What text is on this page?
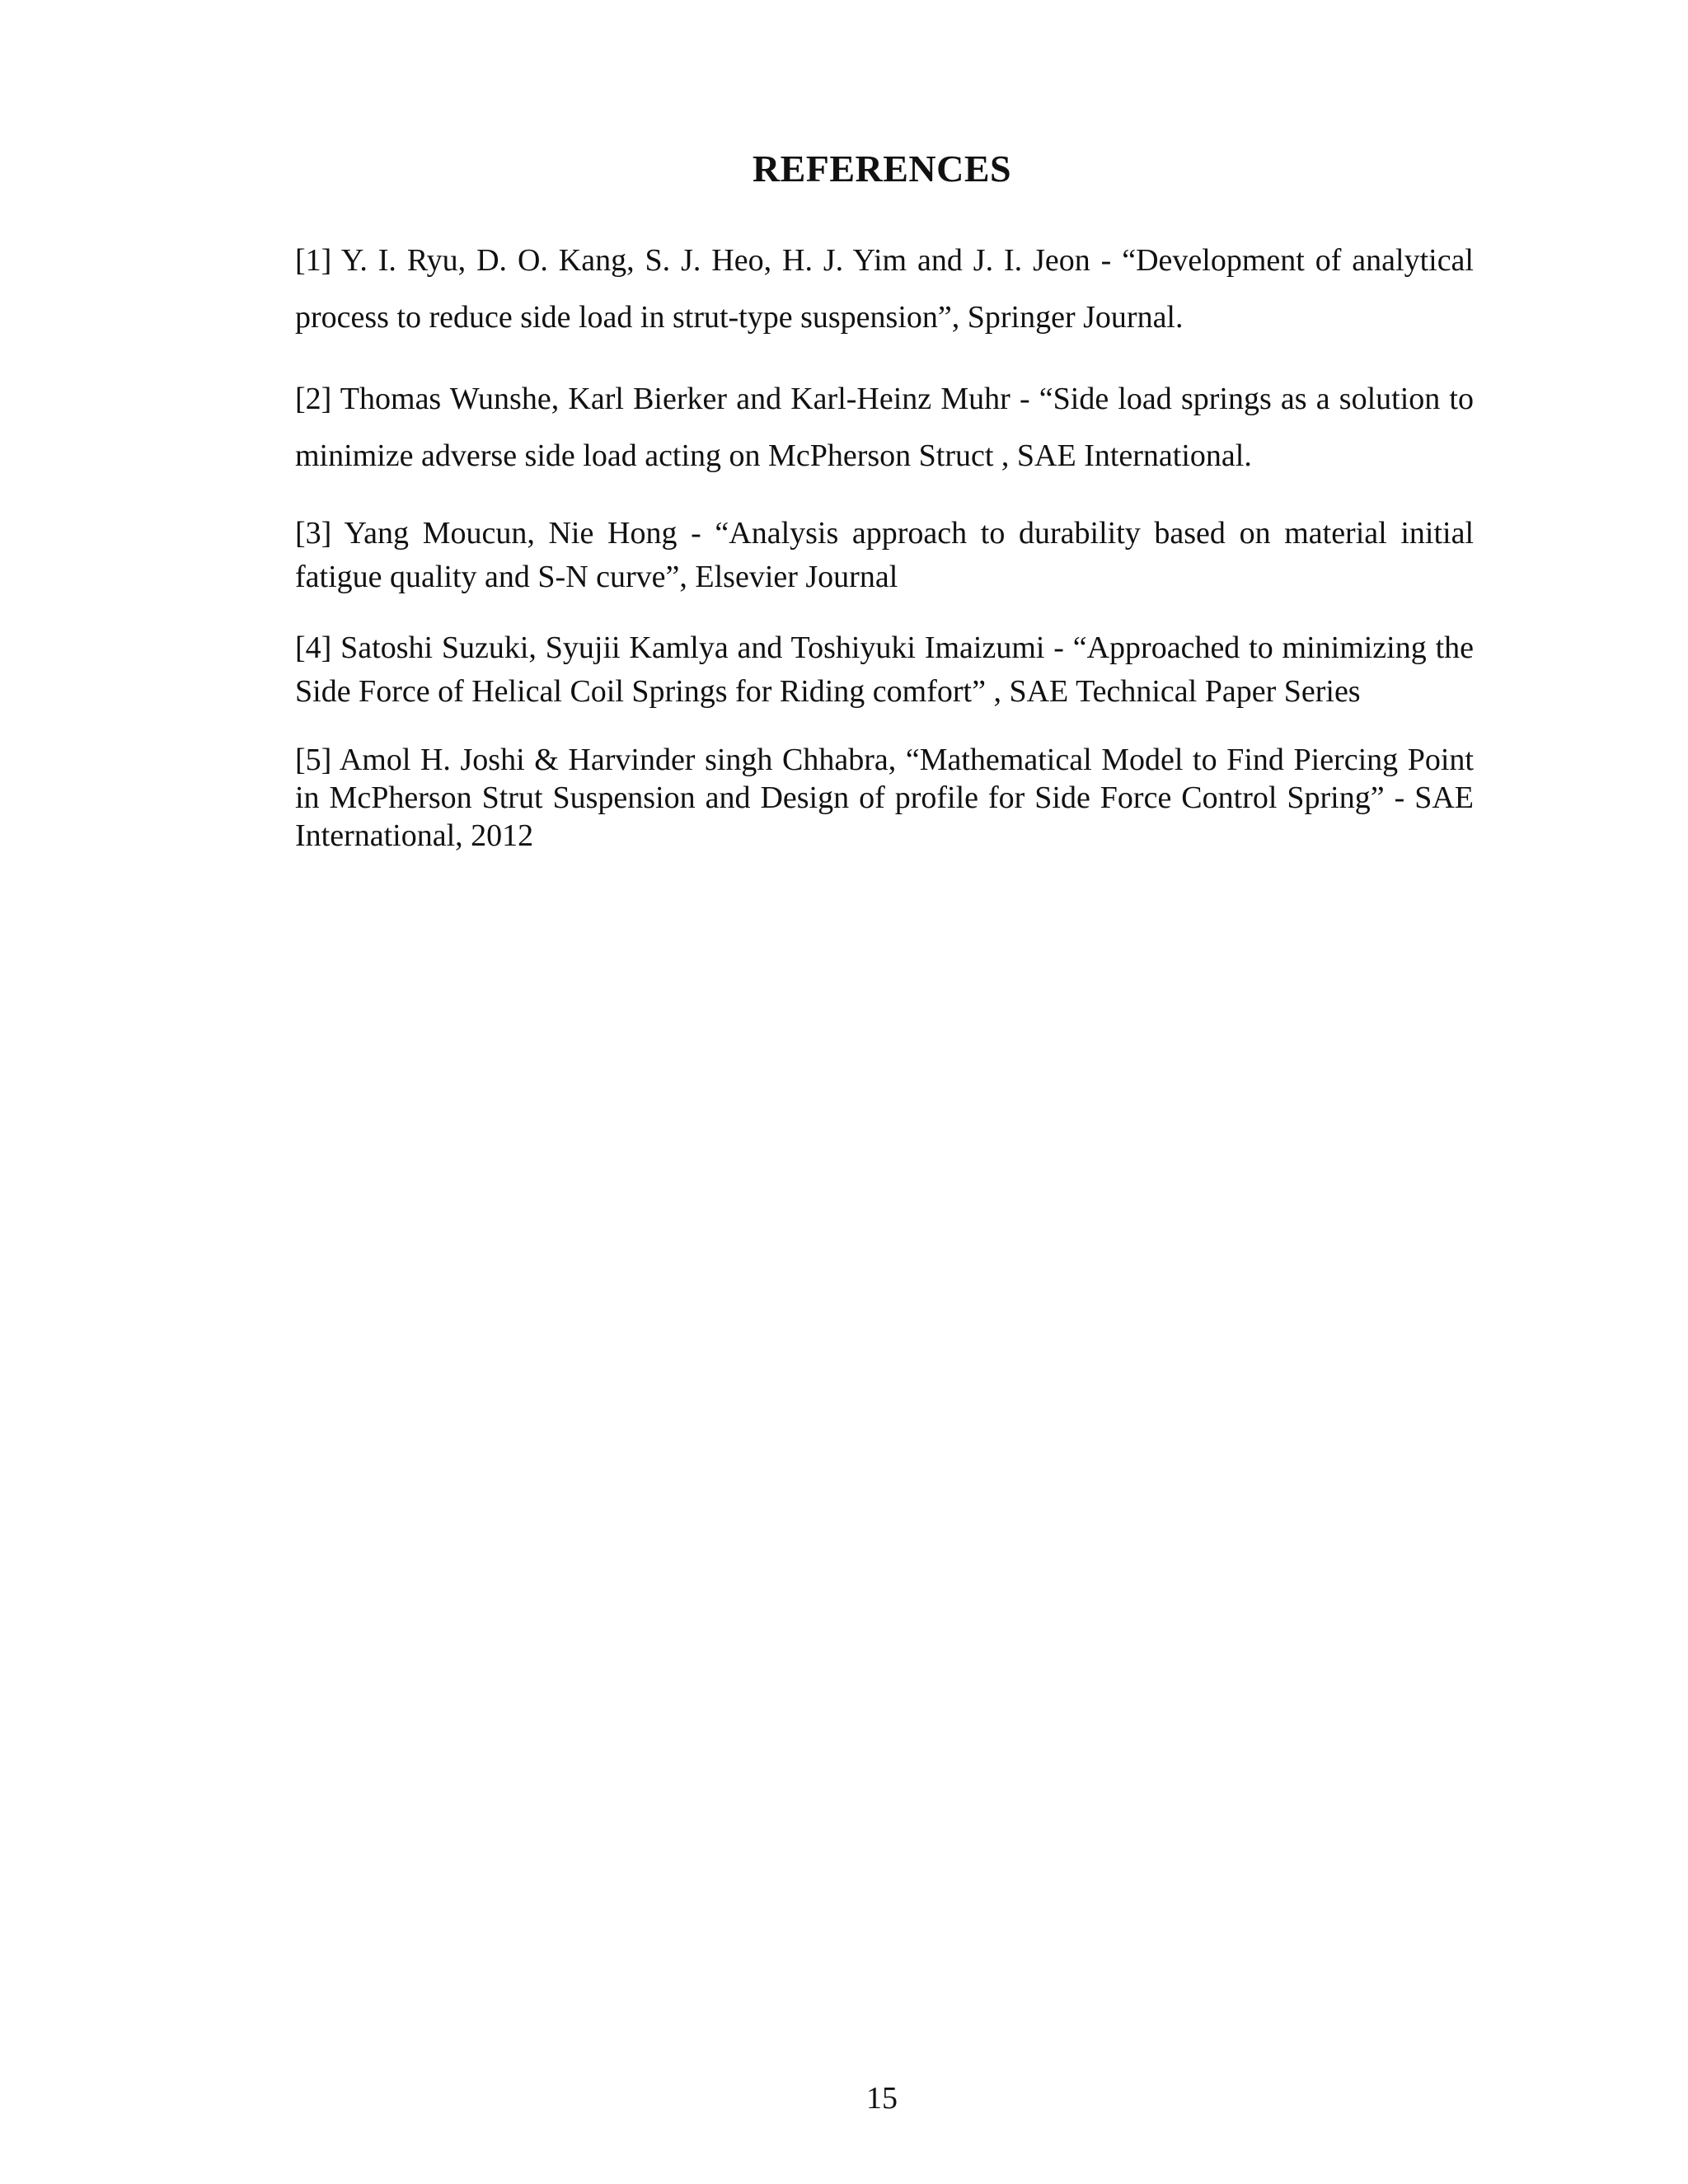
REFERENCES
[1] Y. I. Ryu, D. O. Kang, S. J. Heo, H. J. Yim and J. I. Jeon - “Development of analytical process to reduce side load in strut-type suspension”, Springer Journal.
[2] Thomas Wunshe, Karl Bierker and Karl-Heinz Muhr - “Side load springs as a solution to minimize adverse side load acting on McPherson Struct , SAE International.
[3] Yang Moucun, Nie Hong - “Analysis approach to durability based on material initial fatigue quality and S-N curve”, Elsevier Journal
[4] Satoshi Suzuki, Syujii Kamlya and Toshiyuki Imaizumi - “Approached to minimizing the Side Force of Helical Coil Springs for Riding comfort” , SAE Technical Paper Series
[5] Amol H. Joshi & Harvinder singh Chhabra, “Mathematical Model to Find Piercing Point in McPherson Strut Suspension and Design of profile for Side Force Control Spring” - SAE International, 2012

15
